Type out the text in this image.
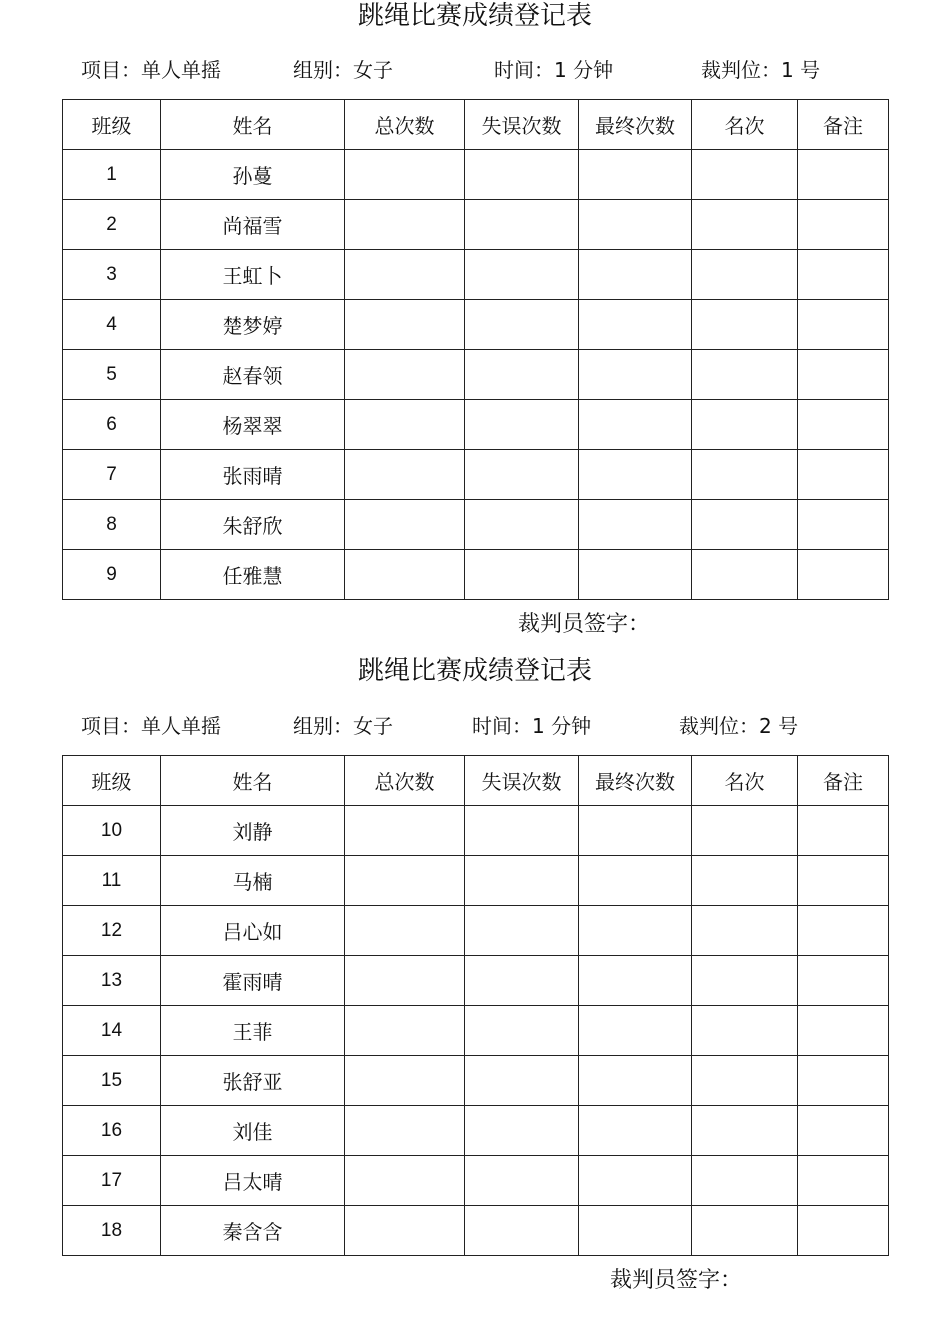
跳绳比赛成绩登记表
项目：单人单摇	组别：女子	时间：1 分钟	裁判位：1 号
班级	姓名	总次数	失误次数	最终次数	名次	备注
1	孙蔓					
2	尚福雪					
3	王虹卜					
4	楚梦婷					
5	赵春领					
6	杨翠翠					
7	张雨晴					
8	朱舒欣					
9	任雅慧					
裁判员签字：
跳绳比赛成绩登记表
项目：单人单摇	组别：女子	时间：1 分钟	裁判位：2 号
班级	姓名	总次数	失误次数	最终次数	名次	备注
10	刘静					
11	马楠					
12	吕心如					
13	霍雨晴					
14	王菲					
15	张舒亚					
16	刘佳					
17	吕太晴					
18	秦含含					
裁判员签字：
